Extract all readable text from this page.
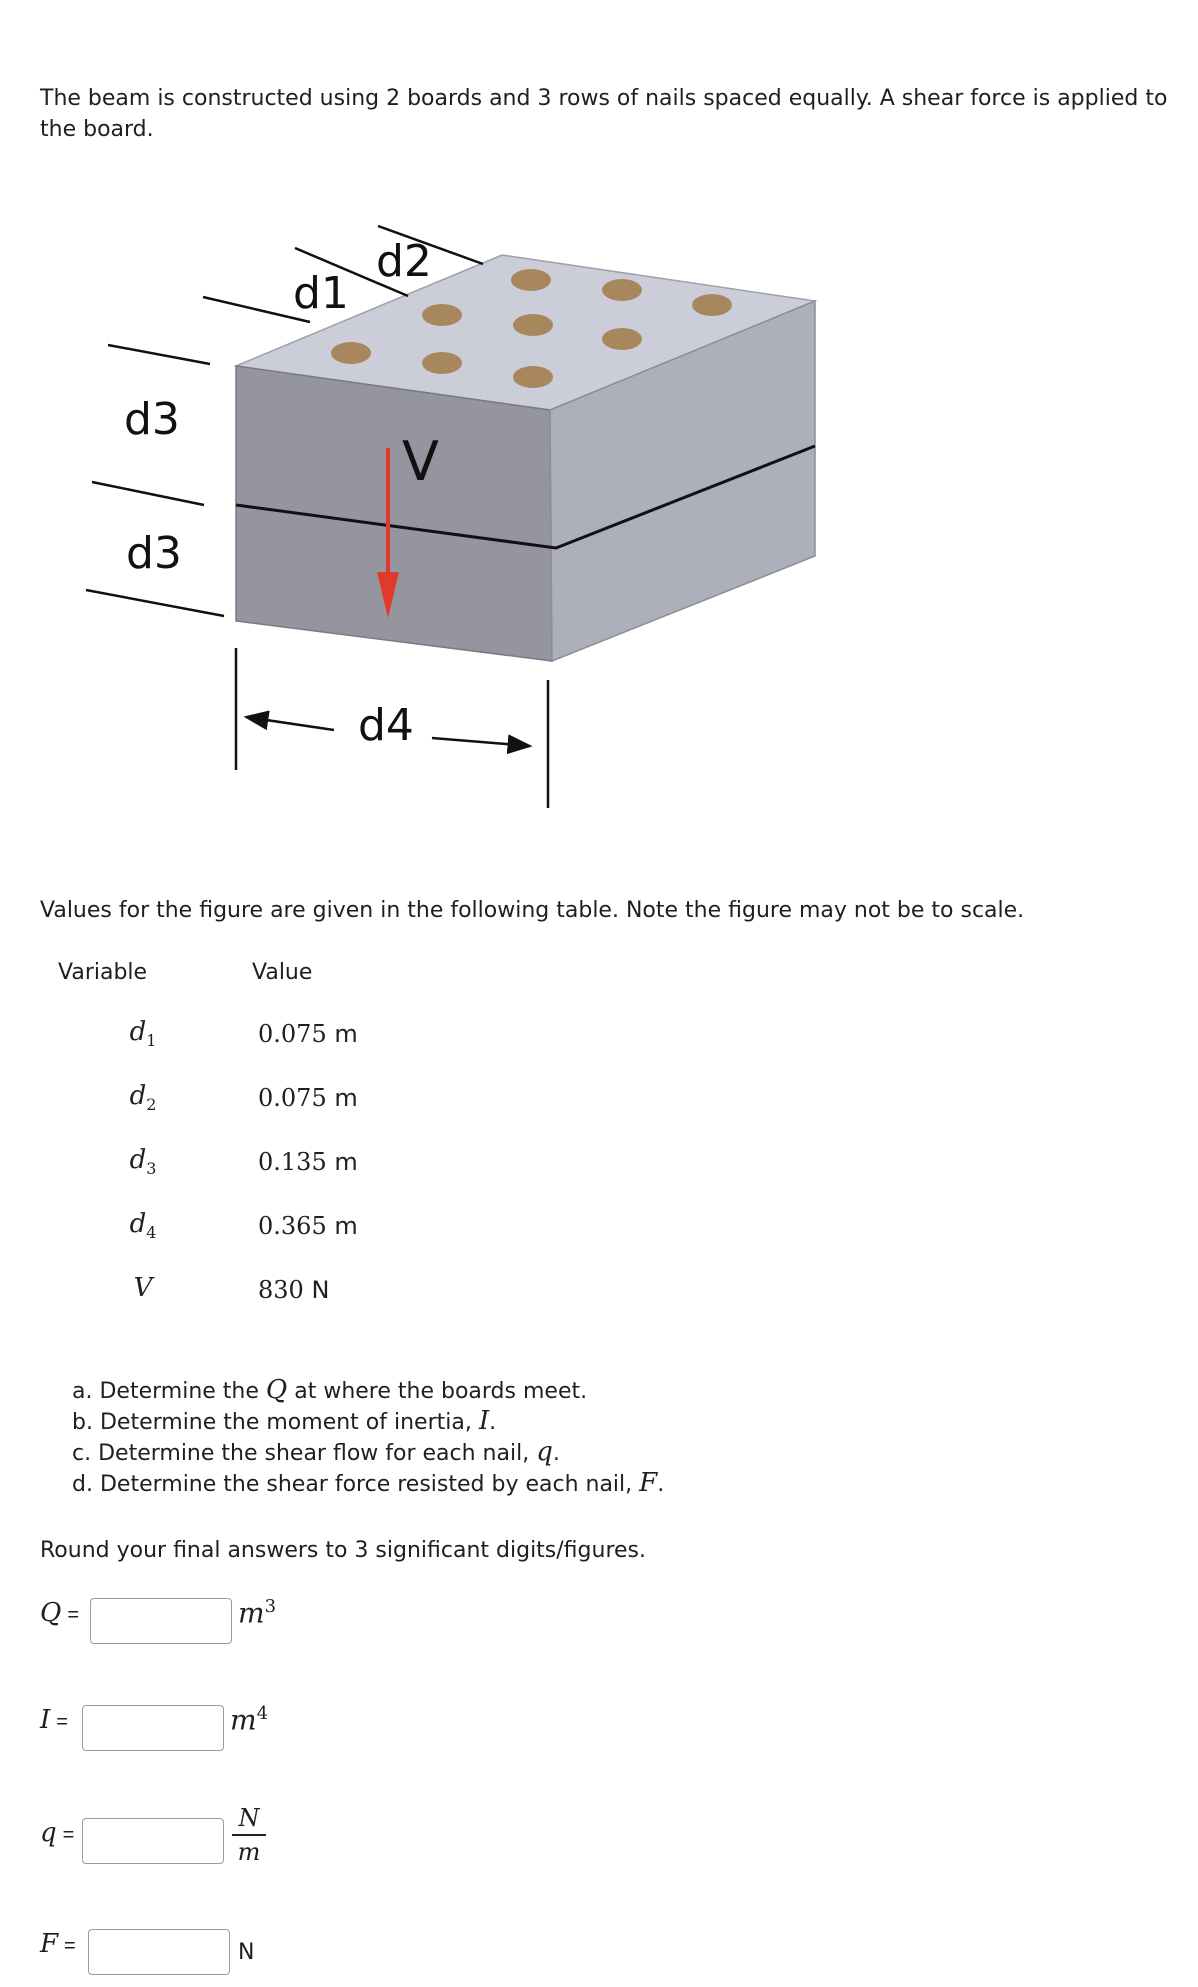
The beam is constructed using 2 boards and 3 rows of nails spaced equally. A shear force is applied to the board.
d1
d2
d3
d3
d4
V
Values for the figure are given in the following table. Note the figure may not be to scale.
Variable	Value
$d_1$	0.075 m
$d_2$	0.075 m
$d_3$	0.135 m
$d_4$	0.365 m
V	830 N
a. Determine the Q at where the boards meet.
b. Determine the moment of inertia, I.
c. Determine the shear flow for each nail, q.
d. Determine the shear force resisted by each nail, F.
Round your final answers to 3 significant digits/figures.
Q =	$m^3$
I =	$m^4$
q =
N
m
F =	N
